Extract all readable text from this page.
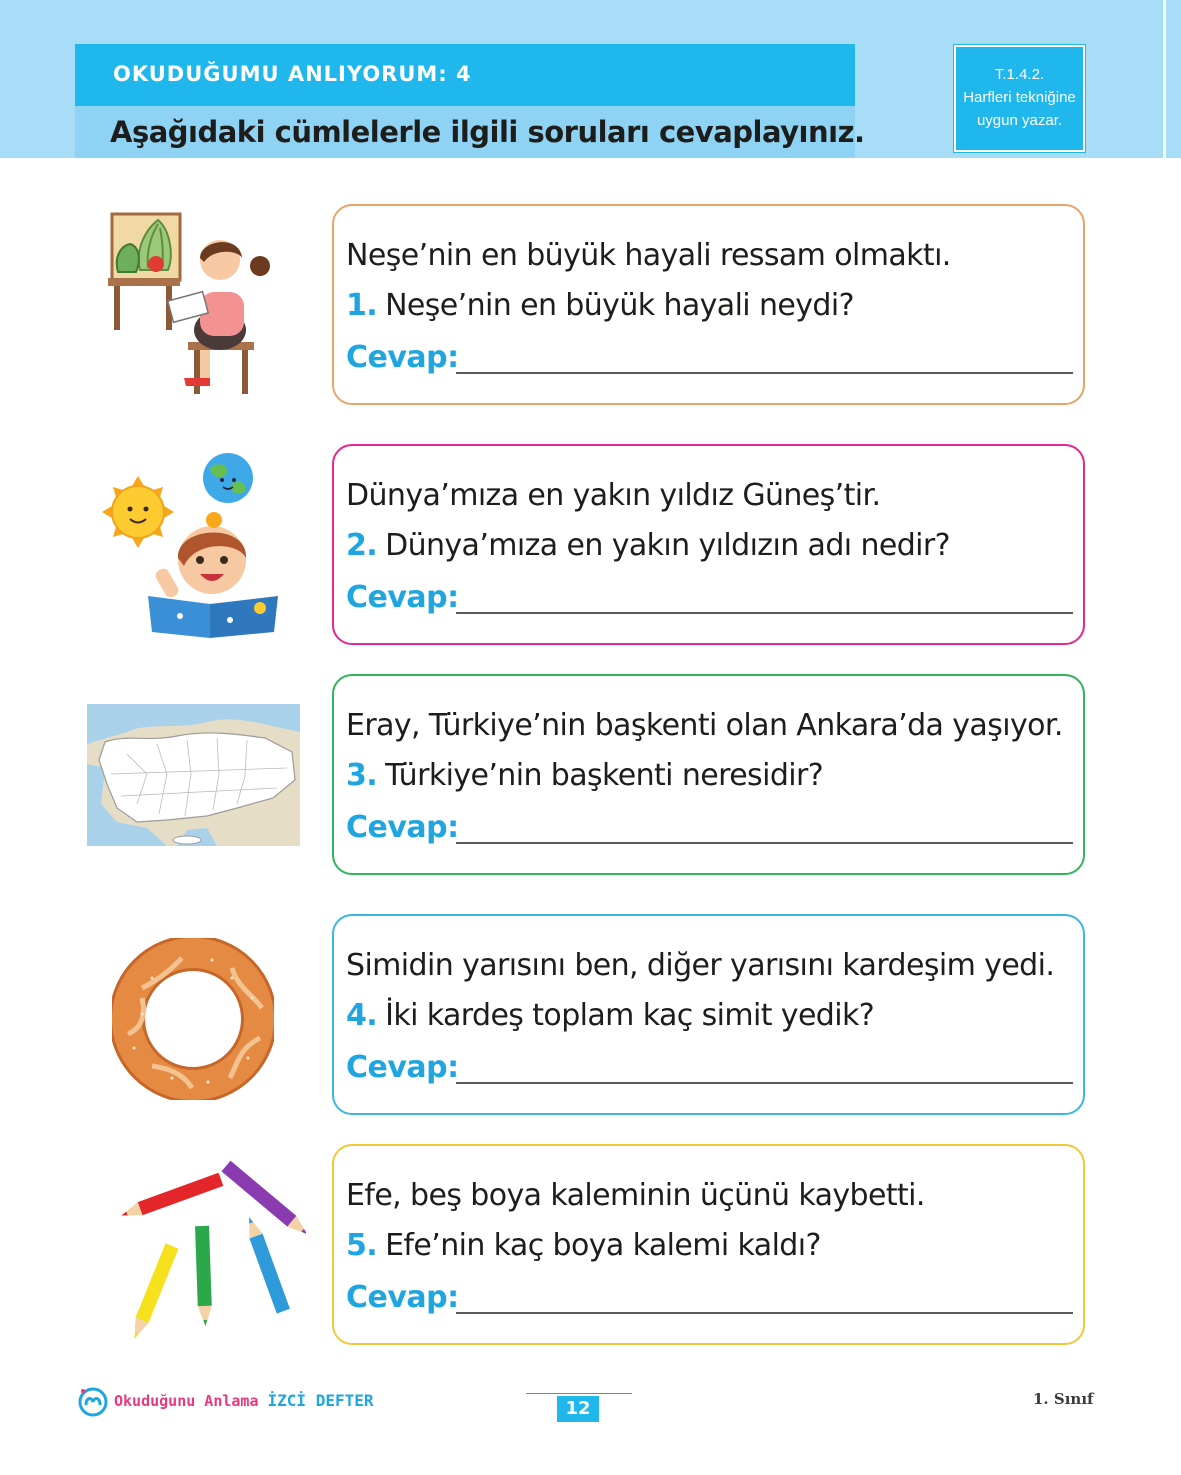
OKUDUĞUMU ANLIYORUM: 4
Aşağıdaki cümlelerle ilgili soruları cevaplayınız.
T.1.4.2.
Harfleri tekniğine
uygun yazar.
Neşe’nin en büyük hayali ressam olmaktı.
1. Neşe’nin en büyük hayali neydi?
Cevap:
Dünya’mıza en yakın yıldız Güneş’tir.
2. Dünya’mıza en yakın yıldızın adı nedir?
Cevap:
Eray, Türkiye’nin başkenti olan Ankara’da yaşıyor.
3. Türkiye’nin başkenti neresidir?
Cevap:
Simidin yarısını ben, diğer yarısını kardeşim yedi.
4. İki kardeş toplam kaç simit yedik?
Cevap:
Efe, beş boya kaleminin üçünü kaybetti.
5. Efe’nin kaç boya kalemi kaldı?
Cevap:
Okuduğunu Anlama İZCİ DEFTER	12	1. Sınıf
